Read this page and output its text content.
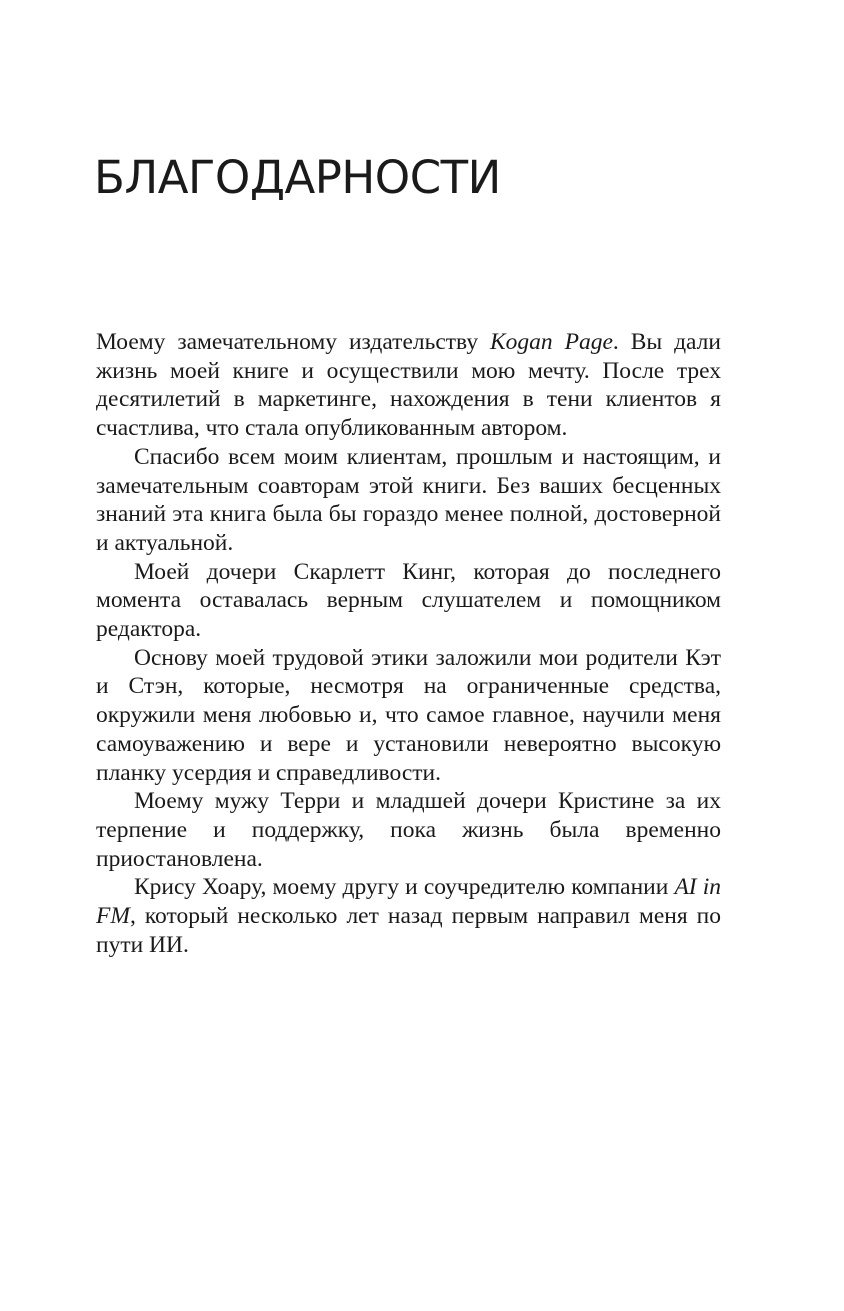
БЛАГОДАРНОСТИ

Моему замечательному издательству Kogan Page. Вы дали жизнь моей книге и осуществили мою мечту. После трех десятилетий в маркетинге, нахождения в тени клиентов я счастлива, что стала опубликованным автором.

Спасибо всем моим клиентам, прошлым и настоящим, и замечательным соавторам этой книги. Без ваших бесценных знаний эта книга была бы гораздо менее полной, достоверной и актуальной.

Моей дочери Скарлетт Кинг, которая до последнего момента оставалась верным слушателем и помощником редактора.

Основу моей трудовой этики заложили мои родители Кэт и Стэн, которые, несмотря на ограниченные средства, окружили меня любовью и, что самое главное, научили меня самоуважению и вере и установили невероятно высокую планку усердия и справедливости.

Моему мужу Терри и младшей дочери Кристине за их терпение и поддержку, пока жизнь была временно приостановлена.

Крису Хоару, моему другу и соучредителю компании AI in FM, который несколько лет назад первым направил меня по пути ИИ.
